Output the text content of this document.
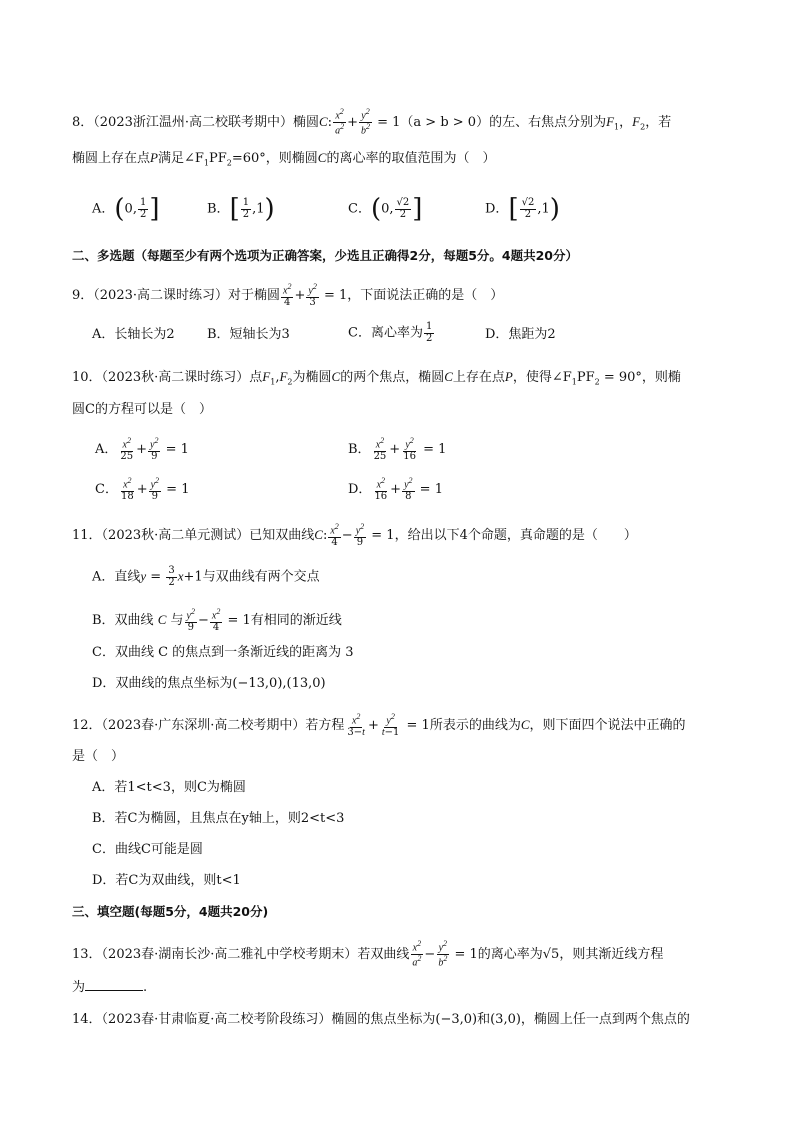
8．（2023浙江温州·高二校联考期中）椭圆C: $\frac{x^2}{a^2} + \frac{y^2}{b^2} = 1(a > b > 0)$的左、右焦点分别为$F_1$，$F_2$，若
椭圆上存在点P满足$\angle F_1PF_2=60^\circ$，则椭圆C的离心率的取值范围为（　）
A．(0, $\frac{1}{2}$ ]	B．[ $\frac{1}{2} ,1$)	C．(0, $\frac{√2}{2}$ ]	D．[ $\frac{√2}{2} ,1$)
二、多选题（每题至少有两个选项为正确答案，少选且正确得2分，每题5分。4题共20分）
9．（2023·高二课时练习）对于椭圆 $\frac{x^2}{4} + \frac{y^2}{3} = 1$，下面说法正确的是（　）
A．长轴长为2 B．短轴长为3	C．离心率为 $\frac{1}{2}$	D．焦距为2
10．（2023秋·高二课时练习）点$F_1,F_2$为椭圆C的两个焦点，椭圆C上存在点P，使得$\angle F_1PF_2 = 90^\circ$，则椭
圆C的方程可以是（　）
A． $\frac{x^2}{25} + \frac{y^2}{9} = 1$	B． $\frac{x^2}{25} + \frac{y^2}{16} = 1$
C． $\frac{x^2}{18} + \frac{y^2}{9} = 1$	D． $\frac{x^2}{16} + \frac{y^2}{8} = 1$
11．（2023秋·高二单元测试）已知双曲线C: $\frac{x^2}{4} - \frac{y^2}{9} = 1$，给出以下4个命题，真命题的是（　　）
A．直线$y = \frac{3}{2} x+1$与双曲线有两个交点
B．双曲线 C 与 $\frac{y^2}{9} - \frac{x^2}{4} = 1$有相同的渐近线
C．双曲线 C 的焦点到一条渐近线的距离为 3
D．双曲线的焦点坐标为(−13,0),(13,0)
12．（2023春·广东深圳·高二校考期中）若方程 $\frac{x^2}{3-t} + \frac{y^2}{t-1} = 1$所表示的曲线为C，则下面四个说法中正确的
是（　）
A．若1<t<3，则C为椭圆
B．若C为椭圆，且焦点在y轴上，则2<t<3
C．曲线C可能是圆
D．若C为双曲线，则t<1
三、填空题(每题5分，4题共20分)
13．（2023春·湖南长沙·高二雅礼中学校考期末）若双曲线 $\frac{x^2}{a^2} - \frac{y^2}{b^2} = 1$的离心率为√5，则其渐近线方程
为	.
14．（2023春·甘肃临夏·高二校考阶段练习）椭圆的焦点坐标为(−3,0)和(3,0)，椭圆上任一点到两个焦点的
